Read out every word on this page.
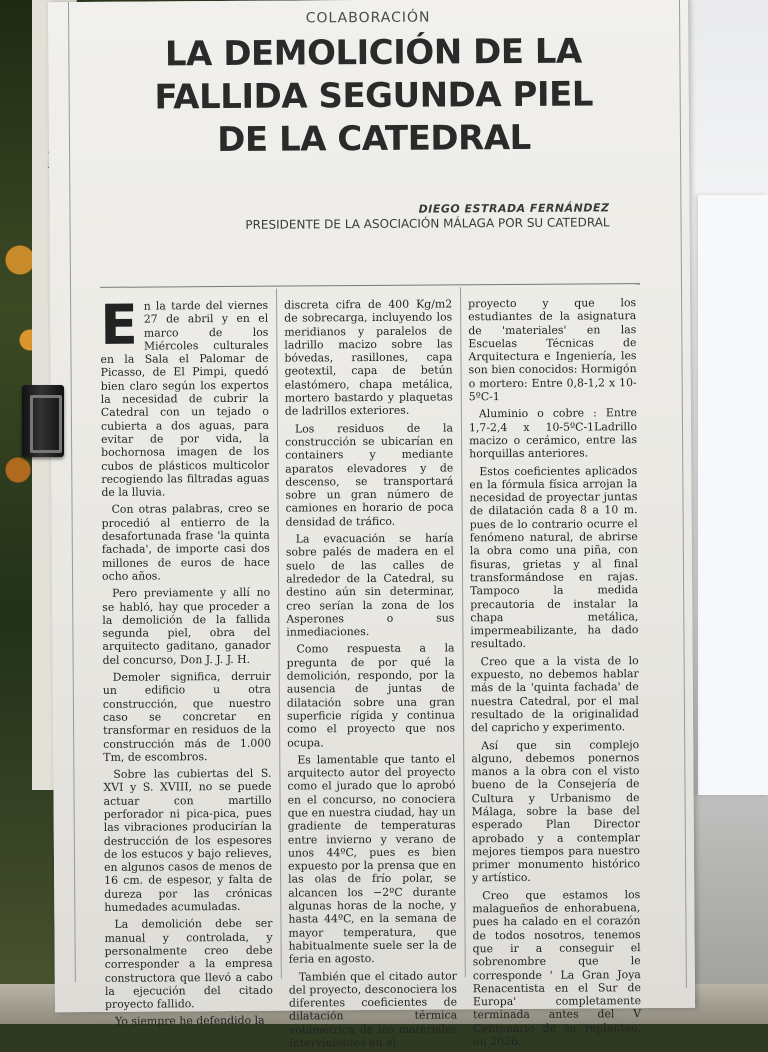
COLABORACIÓN
LA DEMOLICIÓN DE LA FALLIDA SEGUNDA PIEL DE LA CATEDRAL
DIEGO ESTRADA FERNÁNDEZ
PRESIDENTE DE LA ASOCIACIÓN MÁLAGA POR SU CATEDRAL

En la tarde del viernes 27 de abril y en el marco de los Miércoles culturales en la Sala el Palomar de Picasso, de El Pimpi, quedó bien claro según los expertos la necesidad de cubrir la Catedral con un tejado o cubierta a dos aguas, para evitar de por vida, la bochornosa imagen de los cubos de plásticos multicolor recogiendo las filtradas aguas de la lluvia.

Con otras palabras, creo se procedió al entierro de la desafortunada frase 'la quinta fachada', de importe casi dos millones de euros de hace ocho años.

Pero previamente y allí no se habló, hay que proceder a la demolición de la fallida segunda piel, obra del arquitecto gaditano, ganador del concurso, Don J. J. J. H.

Demoler significa, derruir un edificio u otra construcción, que nuestro caso se concretar en transformar en residuos de la construcción más de 1.000 Tm, de escombros.

Sobre las cubiertas del S. XVI y S. XVIII, no se puede actuar con martillo perforador ni pica-pica, pues las vibraciones producirían la destrucción de los espesores de los estucos y bajo relieves, en algunos casos de menos de 16 cm. de espesor, y falta de dureza por las crónicas humedades acumuladas.

La demolición debe ser manual y controlada, y personalmente creo debe corresponder a la empresa constructora que llevó a cabo la ejecución del citado proyecto fallido.

Yo siempre he defendido la

discreta cifra de 400 Kg/m2 de sobrecarga, incluyendo los meridianos y paralelos de ladrillo macizo sobre las bóvedas, rasillones, capa geotextil, capa de betún elastómero, chapa metálica, mortero bastardo y plaquetas de ladrillos exteriores.

Los residuos de la construcción se ubicarían en containers y mediante aparatos elevadores y de descenso, se transportará sobre un gran número de camiones en horario de poca densidad de tráfico.

La evacuación se haría sobre palés de madera en el suelo de las calles de alrededor de la Catedral, su destino aún sin determinar, creo serían la zona de los Asperones o sus inmediaciones.

Como respuesta a la pregunta de por qué la demolición, respondo, por la ausencia de juntas de dilatación sobre una gran superficie rígida y continua como el proyecto que nos ocupa.

Es lamentable que tanto el arquitecto autor del proyecto como el jurado que lo aprobó en el concurso, no conociera que en nuestra ciudad, hay un gradiente de temperaturas entre invierno y verano de unos 44ºC, pues es bien expuesto por la prensa que en las olas de frío polar, se alcancen los −2ºC durante algunas horas de la noche, y hasta 44ºC, en la semana de mayor temperatura, que habitualmente suele ser la de feria en agosto.

También que el citado autor del proyecto, desconociera los diferentes coeficientes de dilatación térmica volumétrica de los materiales intervinientes en el

proyecto y que los estudiantes de la asignatura de 'materiales' en las Escuelas Técnicas de Arquitectura e Ingeniería, les son bien conocidos: Hormigón o mortero: Entre 0,8-1,2 x 10-5ºC-1

Aluminio o cobre : Entre 1,7-2,4 x 10-5ºC-1Ladrillo macizo o cerámico, entre las horquillas anteriores.

Estos coeficientes aplicados en la fórmula física arrojan la necesidad de proyectar juntas de dilatación cada 8 a 10 m. pues de lo contrario ocurre el fenómeno natural, de abrirse la obra como una piña, con fisuras, grietas y al final transformándose en rajas. Tampoco la medida precautoria de instalar la chapa metálica, impermeabilizante, ha dado resultado.

Creo que a la vista de lo expuesto, no debemos hablar más de la 'quinta fachada' de nuestra Catedral, por el mal resultado de la originalidad del capricho y experimento.

Así que sin complejo alguno, debemos ponernos manos a la obra con el visto bueno de la Consejería de Cultura y Urbanismo de Málaga, sobre la base del esperado Plan Director aprobado y a contemplar mejores tiempos para nuestro primer monumento histórico y artístico.

Creo que estamos los malagueños de enhorabuena, pues ha calado en el corazón de todos nosotros, tenemos que ir a conseguir el sobrenombre que le corresponde ' La Gran Joya Renacentista en el Sur de Europa' completamente terminada antes del V Centenario de su replanteo, en 2026.
